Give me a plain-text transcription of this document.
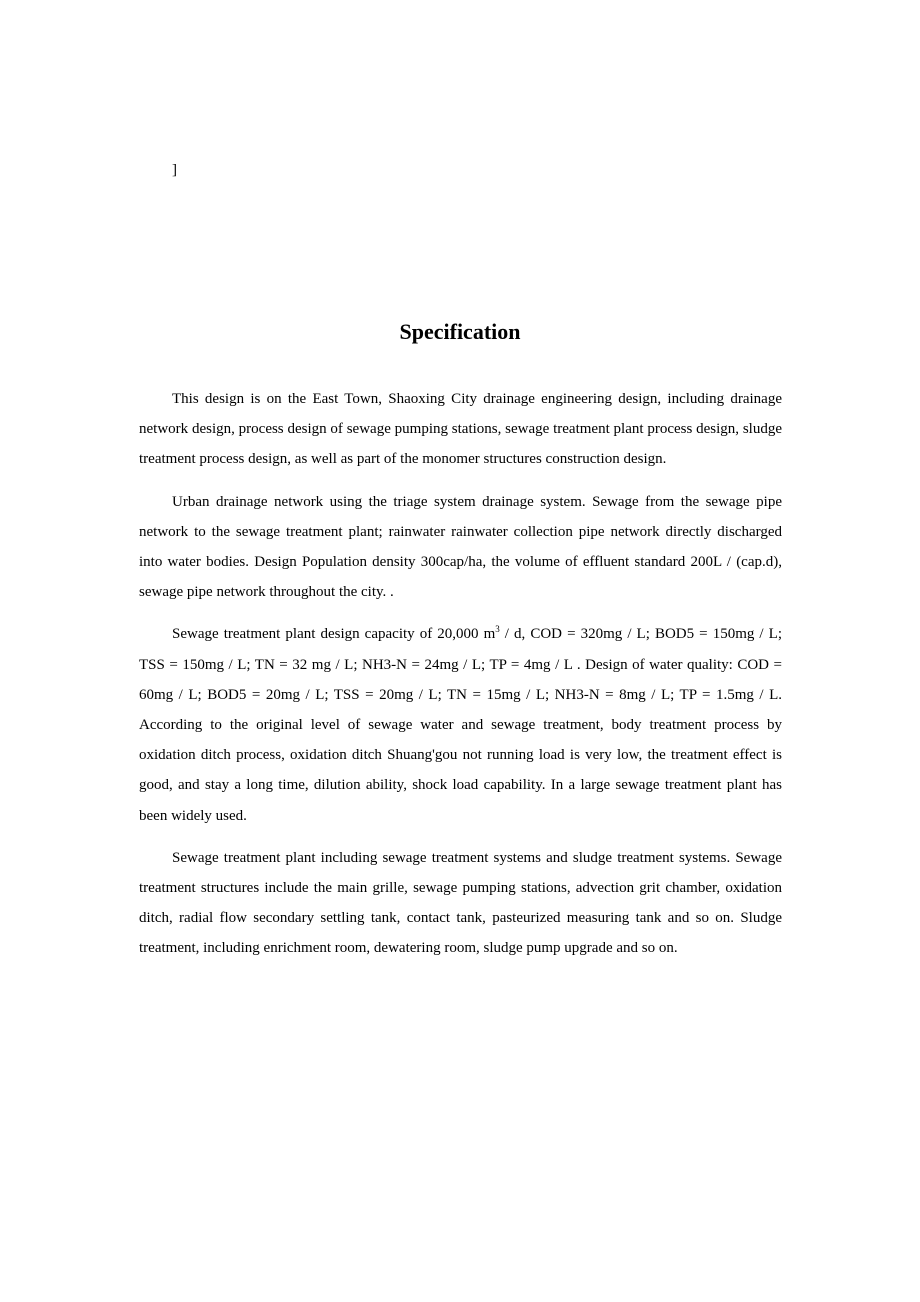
]
Specification

This design is on the East Town, Shaoxing City drainage engineering design, including drainage network design, process design of sewage pumping stations, sewage treatment plant process design, sludge treatment process design, as well as part of the monomer structures construction design.

Urban drainage network using the triage system drainage system. Sewage from the sewage pipe network to the sewage treatment plant; rainwater rainwater collection pipe network directly discharged into water bodies. Design Population density 300cap/ha, the volume of effluent standard 200L / (cap.d), sewage pipe network throughout the city. .

Sewage treatment plant design capacity of 20,000 $m^3$ / d, COD = 320mg / L; BOD5 = 150mg / L; TSS = 150mg / L; TN = 32 mg / L; NH3-N = 24mg / L; TP = 4mg / L . Design of water quality: COD = 60mg / L; BOD5 = 20mg / L; TSS = 20mg / L; TN = 15mg / L; NH3-N = 8mg / L; TP = 1.5mg / L. According to the original level of sewage water and sewage treatment, body treatment process by oxidation ditch process, oxidation ditch Shuang'gou not running load is very low, the treatment effect is good, and stay a long time, dilution ability, shock load capability. In a large sewage treatment plant has been widely used.

Sewage treatment plant including sewage treatment systems and sludge treatment systems. Sewage treatment structures include the main grille, sewage pumping stations, advection grit chamber, oxidation ditch, radial flow secondary settling tank, contact tank, pasteurized measuring tank and so on. Sludge treatment, including enrichment room, dewatering room, sludge pump upgrade and so on.
